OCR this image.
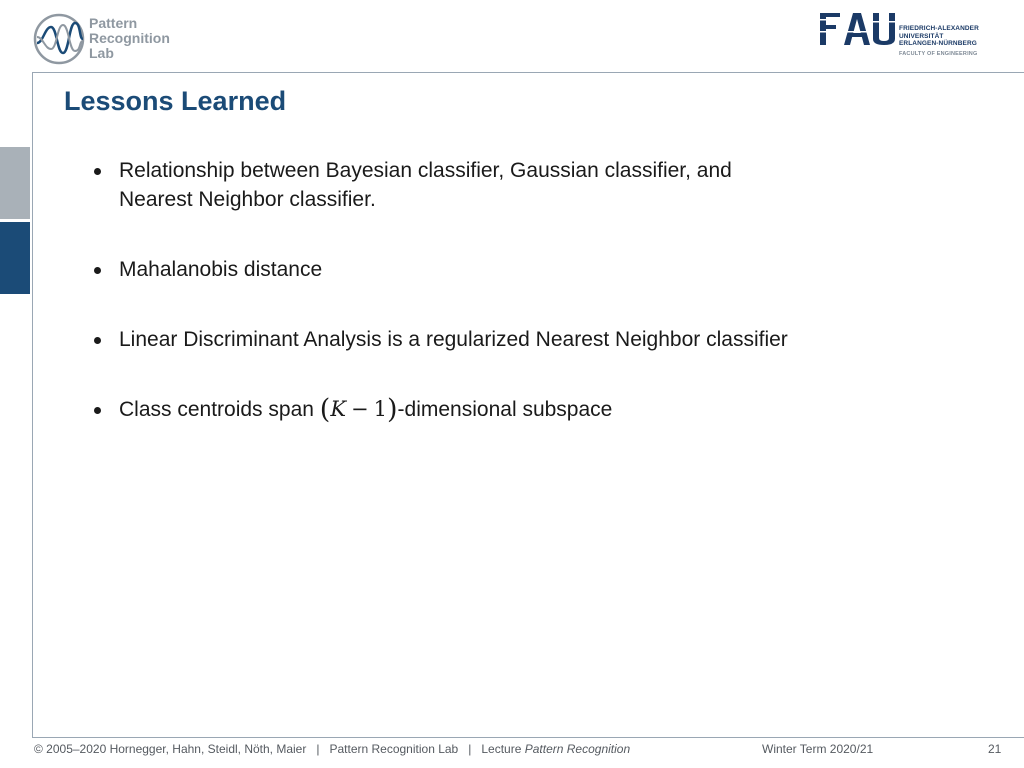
Pattern
Recognition
Lab
FRIEDRICH-ALEXANDER
UNIVERSITÄT
ERLANGEN-NÜRNBERG
FACULTY OF ENGINEERING
Lessons Learned
Relationship between Bayesian classifier, Gaussian classifier, and
Nearest Neighbor classifier.
Mahalanobis distance
Linear Discriminant Analysis is a regularized Nearest Neighbor classifier
Class centroids span (K − 1)-dimensional subspace
© 2005–2020 Hornegger, Hahn, Steidl, Nöth, Maier | Pattern Recognition Lab | Lecture Pattern Recognition	Winter Term 2020/21	21
